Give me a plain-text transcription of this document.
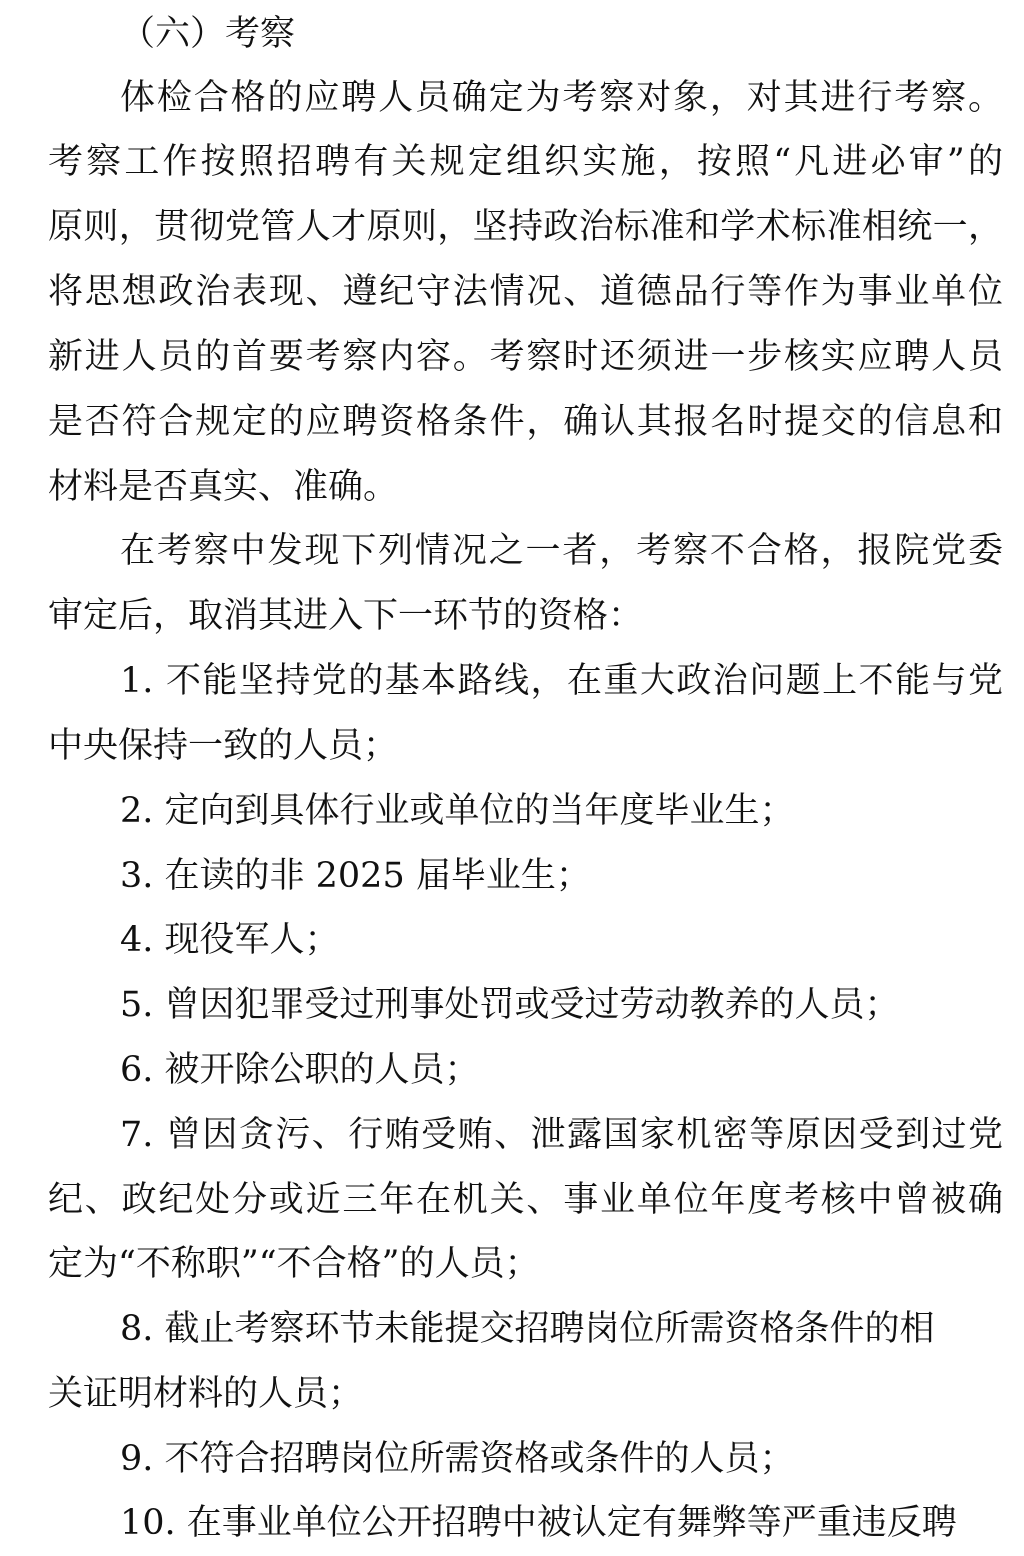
（六）考察
体检合格的应聘人员确定为考察对象，对其进行考察。
考察工作按照招聘有关规定组织实施，按照“凡进必审”的
原则，贯彻党管人才原则，坚持政治标准和学术标准相统一，
将思想政治表现、遵纪守法情况、道德品行等作为事业单位
新进人员的首要考察内容。考察时还须进一步核实应聘人员
是否符合规定的应聘资格条件，确认其报名时提交的信息和
材料是否真实、准确。
在考察中发现下列情况之一者，考察不合格，报院党委
审定后，取消其进入下一环节的资格：
1. 不能坚持党的基本路线，在重大政治问题上不能与党
中央保持一致的人员；
2. 定向到具体行业或单位的当年度毕业生；
3. 在读的非 2025 届毕业生；
4. 现役军人；
5. 曾因犯罪受过刑事处罚或受过劳动教养的人员；
6. 被开除公职的人员；
7. 曾因贪污、行贿受贿、泄露国家机密等原因受到过党
纪、政纪处分或近三年在机关、事业单位年度考核中曾被确
定为“不称职”“不合格”的人员；
8. 截止考察环节未能提交招聘岗位所需资格条件的相
关证明材料的人员；
9. 不符合招聘岗位所需资格或条件的人员；
10. 在事业单位公开招聘中被认定有舞弊等严重违反聘
